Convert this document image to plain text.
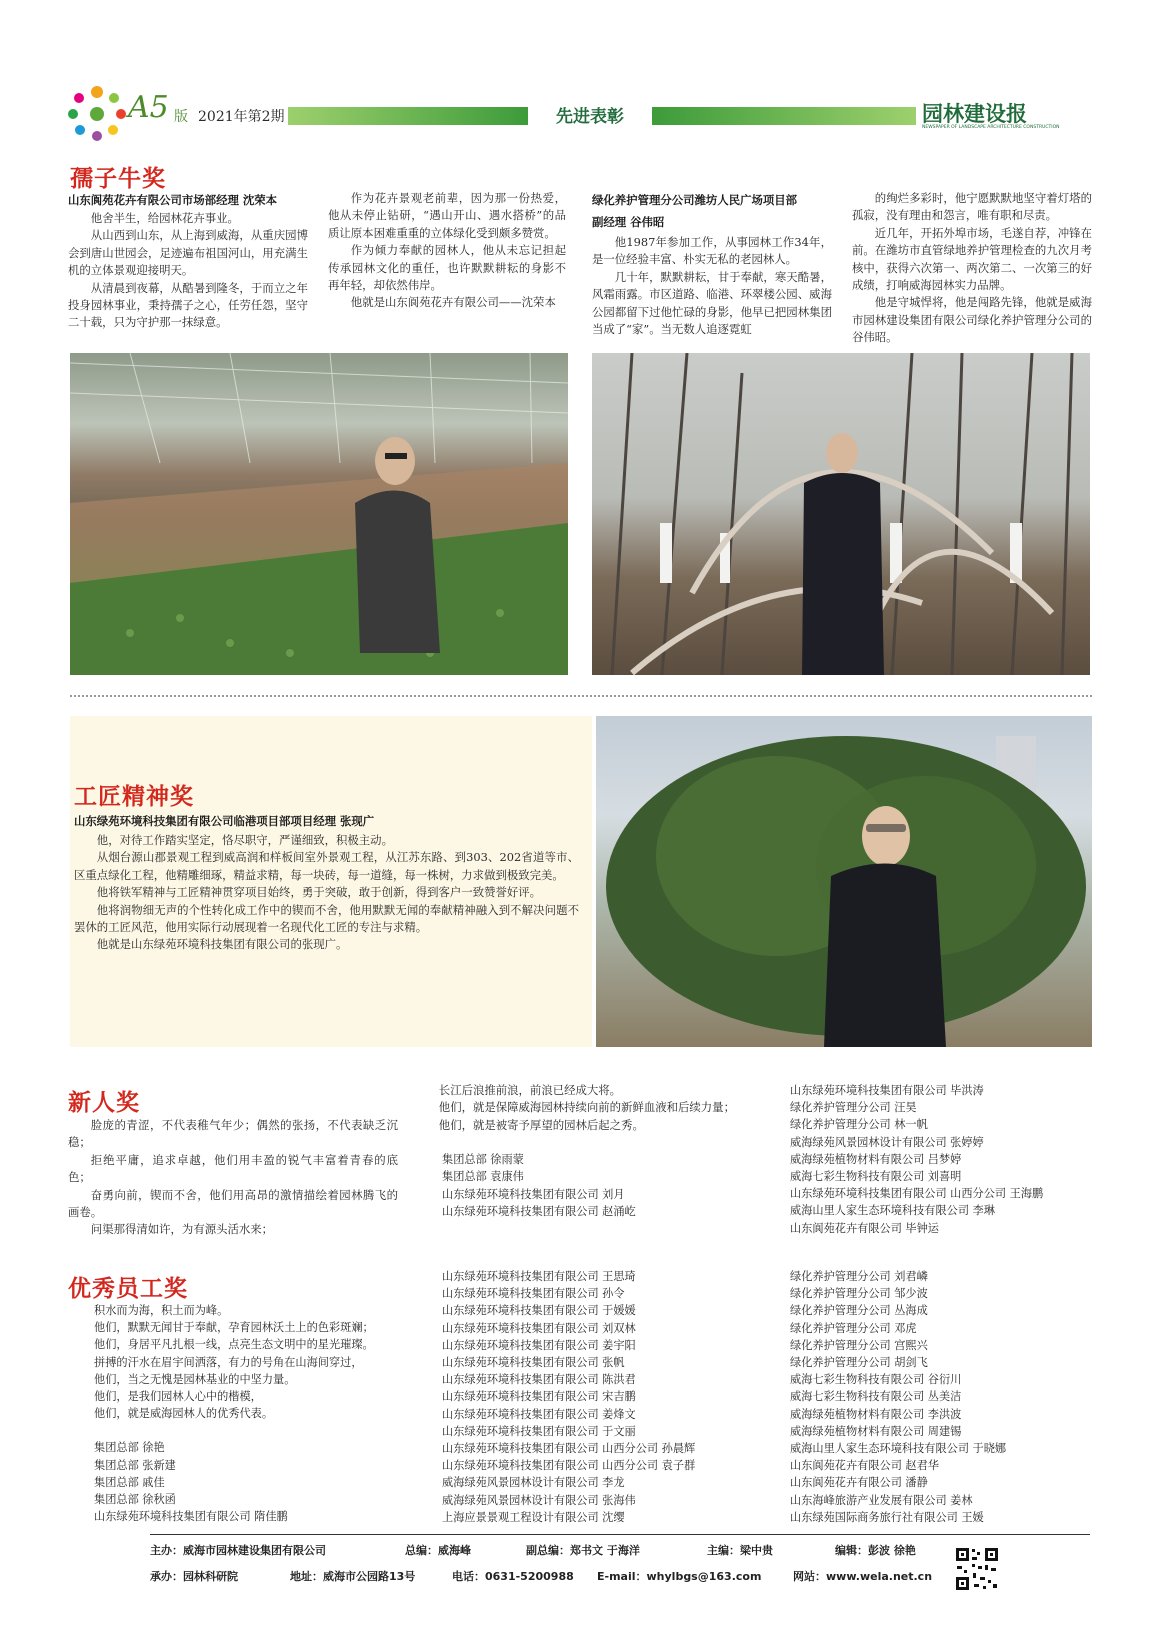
A5 版 2021年第2期	先进表彰	园林建设报
NEWSPAPER OF LANDSCAPE ARCHITECTURE CONSTRUCTION
孺子牛奖
山东阆苑花卉有限公司市场部经理 沈荣本

他舍半生，给园林花卉事业。

从山西到山东，从上海到威海，从重庆园博会到唐山世园会，足迹遍布祖国河山，用充满生机的立体景观迎接明天。

从清晨到夜幕，从酷暑到隆冬，于而立之年投身园林事业，秉持孺子之心，任劳任怨，坚守二十载，只为守护那一抹绿意。

作为花卉景观老前辈，因为那一份热爱，他从未停止钻研，“遇山开山、遇水搭桥”的品质让原本困难重重的立体绿化受到颇多赞赏。

作为倾力奉献的园林人，他从未忘记担起传承园林文化的重任，也许默默耕耘的身影不再年轻，却依然伟岸。

他就是山东阆苑花卉有限公司——沈荣本

绿化养护管理分公司潍坊人民广场项目部
副经理 谷伟昭

他1987年参加工作，从事园林工作34年，是一位经验丰富、朴实无私的老园林人。

几十年，默默耕耘，甘于奉献，寒天酷暑，风霜雨露。市区道路、临港、环翠楼公园、威海公园都留下过他忙碌的身影，他早已把园林集团当成了“家”。当无数人追逐霓虹

的绚烂多彩时，他宁愿默默地坚守着灯塔的孤寂，没有理由和怨言，唯有职和尽责。

近几年，开拓外埠市场，毛遂自荐，冲锋在前。在潍坊市直管绿地养护管理检查的九次月考核中，获得六次第一、两次第二、一次第三的好成绩，打响威海园林实力品牌。

他是守城悍将，他是闯路先锋，他就是威海市园林建设集团有限公司绿化养护管理分公司的谷伟昭。

工匠精神奖
山东绿苑环境科技集团有限公司临港项目部项目经理 张现广

他，对待工作踏实坚定，恪尽职守，严谨细致，积极主动。

从烟台源山郡景观工程到威高润和样板间室外景观工程，从江苏东路、到303、202省道等市、区重点绿化工程，他精雕细琢，精益求精，每一块砖，每一道缝，每一株树，力求做到极致完美。

他将铁军精神与工匠精神贯穿项目始终，勇于突破，敢于创新，得到客户一致赞誉好评。

他将润物细无声的个性转化成工作中的锲而不舍，他用默默无闻的奉献精神融入到不解决问题不罢休的工匠风范，他用实际行动展现着一名现代化工匠的专注与求精。

他就是山东绿苑环境科技集团有限公司的张现广。

新人奖

脸庞的青涩，不代表稚气年少；偶然的张扬，不代表缺乏沉稳；

拒绝平庸，追求卓越，他们用丰盈的锐气丰富着青春的底色；

奋勇向前，锲而不舍，他们用高昂的激情描绘着园林腾飞的画卷。

问渠那得清如许，为有源头活水来；

长江后浪推前浪，前浪已经成大将。

他们，就是保障威海园林持续向前的新鲜血液和后续力量；

他们，就是被寄予厚望的园林后起之秀。

集团总部 徐雨蒙
集团总部 袁康伟
山东绿苑环境科技集团有限公司 刘月
山东绿苑环境科技集团有限公司 赵涌屹
山东绿苑环境科技集团有限公司 毕洪涛
绿化养护管理分公司 汪昊
绿化养护管理分公司 林一帆
威海绿苑风景园林设计有限公司 张婷婷
威海绿苑植物材料有限公司 吕梦婷
威海七彩生物科技有限公司 刘喜明
山东绿苑环境科技集团有限公司 山西分公司 王海鹏
威海山里人家生态环境科技有限公司 李琳
山东阆苑花卉有限公司 毕钟运
优秀员工奖
积水而为海，积土而为峰。
他们，默默无闻甘于奉献，孕育园林沃土上的色彩斑斓；
他们，身居平凡扎根一线，点亮生态文明中的星光璀璨。
拼搏的汗水在眉宇间洒落，有力的号角在山海间穿过，
他们，当之无愧是园林基业的中坚力量。
他们，是我们园林人心中的楷模，
他们，就是威海园林人的优秀代表。
集团总部 徐艳
集团总部 张新建
集团总部 戚佳
集团总部 徐秋函
山东绿苑环境科技集团有限公司 隋佳鹏
山东绿苑环境科技集团有限公司 王思琦
山东绿苑环境科技集团有限公司 孙令
山东绿苑环境科技集团有限公司 于媛媛
山东绿苑环境科技集团有限公司 刘双林
山东绿苑环境科技集团有限公司 姜宇阳
山东绿苑环境科技集团有限公司 张帆
山东绿苑环境科技集团有限公司 陈洪君
山东绿苑环境科技集团有限公司 宋吉鹏
山东绿苑环境科技集团有限公司 姜烽文
山东绿苑环境科技集团有限公司 于文丽
山东绿苑环境科技集团有限公司 山西分公司 孙晨辉
山东绿苑环境科技集团有限公司 山西分公司 袁子群
威海绿苑风景园林设计有限公司 李龙
威海绿苑风景园林设计有限公司 张海伟
上海应景景观工程设计有限公司 沈缨
绿化养护管理分公司 刘君嶙
绿化养护管理分公司 邹少波
绿化养护管理分公司 丛海成
绿化养护管理分公司 邓虎
绿化养护管理分公司 宫熙兴
绿化养护管理分公司 胡剑飞
威海七彩生物科技有限公司 谷衍川
威海七彩生物科技有限公司 丛美洁
威海绿苑植物材料有限公司 李洪波
威海绿苑植物材料有限公司 周建锡
威海山里人家生态环境科技有限公司 于晓娜
山东阆苑花卉有限公司 赵君华
山东阆苑花卉有限公司 潘静
山东海峰旅游产业发展有限公司 姜林
山东绿苑国际商务旅行社有限公司 王媛
主办：威海市园林建设集团有限公司	总编：威海峰	副总编：郑书文 于海洋	主编：梁中贵	编辑：彭波 徐艳
承办：园林科研院	地址：威海市公园路13号	电话：0631-5200988 E-mail：whylbgs@163.com	网站：www.wela.net.cn
